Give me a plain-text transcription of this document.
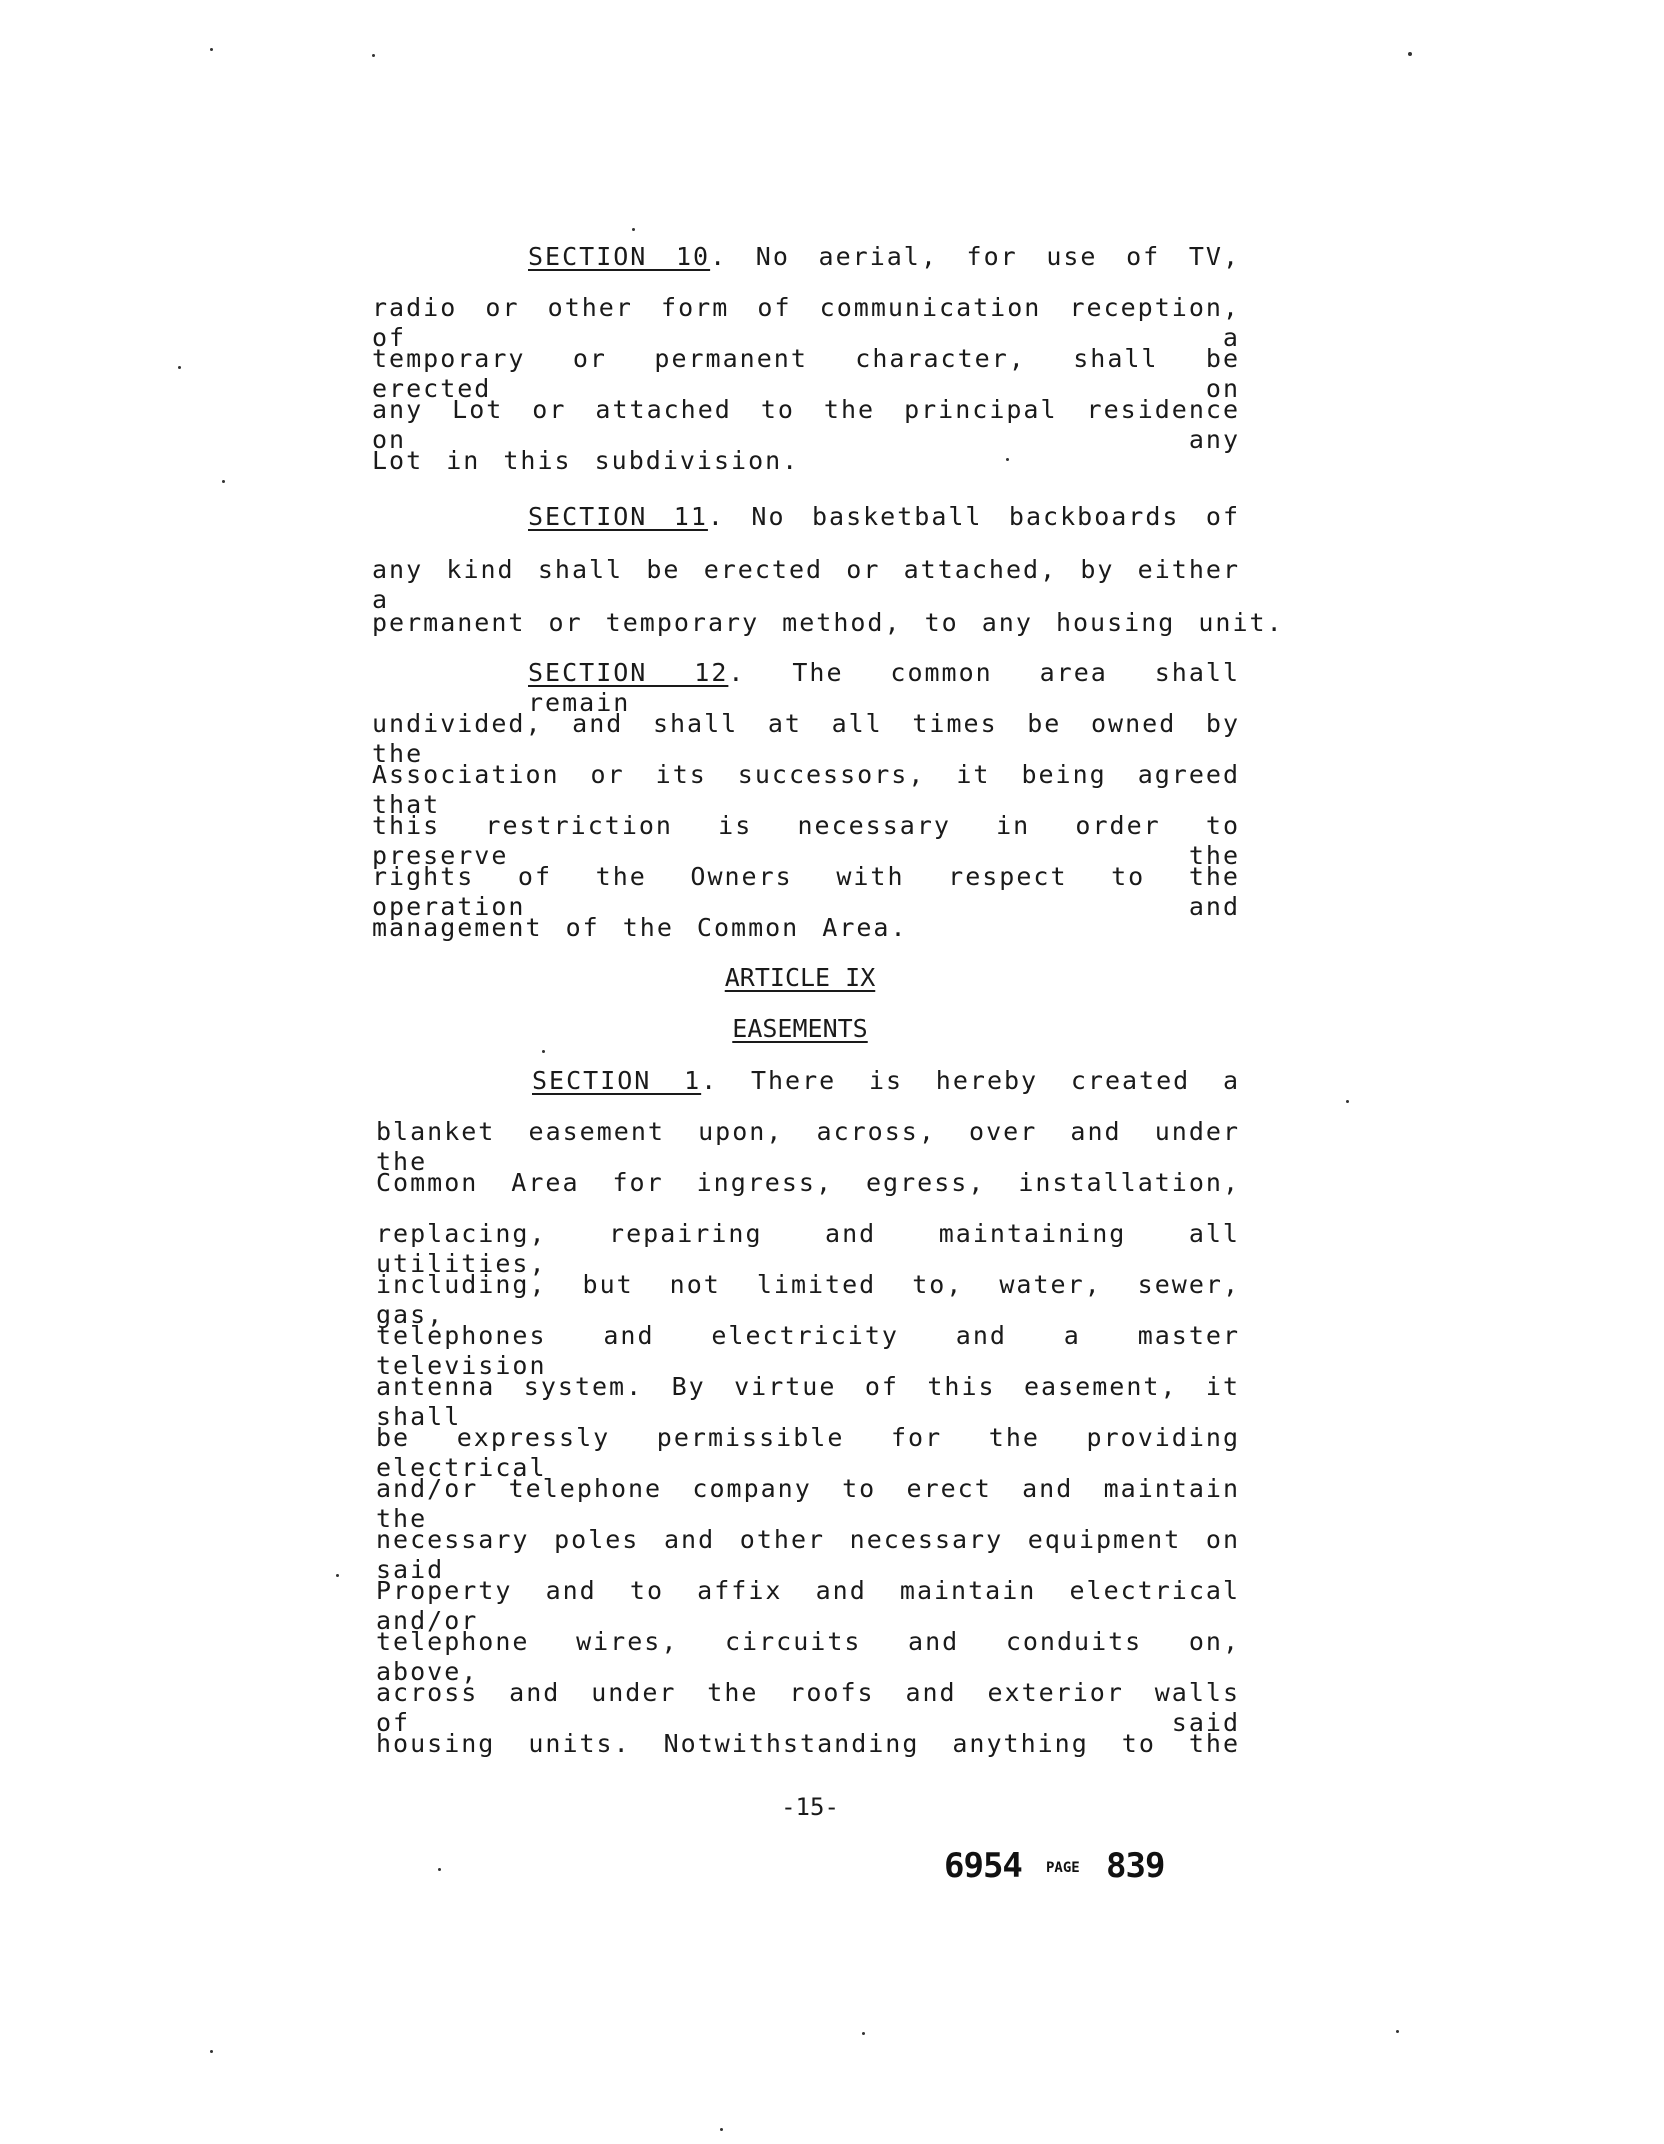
SECTION 10. No aerial, for use of TV,
radio or other form of communication reception, of a
temporary or permanent character, shall be erected on
any Lot or attached to the principal residence on any
Lot in this subdivision.
SECTION 11. No basketball backboards of
any kind shall be erected or attached, by either a
permanent or temporary method, to any housing unit.
SECTION 12. The common area shall remain
undivided, and shall at all times be owned by the
Association or its successors, it being agreed that
this restriction is necessary in order to preserve the
rights of the Owners with respect to the operation and
management of the Common Area.
ARTICLE IX
EASEMENTS
SECTION 1. There is hereby created a
blanket easement upon, across, over and under the
Common Area for ingress, egress, installation,
replacing, repairing and maintaining all utilities,
including, but not limited to, water, sewer, gas,
telephones and electricity and a master television
antenna system. By virtue of this easement, it shall
be expressly permissible for the providing electrical
and/or telephone company to erect and maintain the
necessary poles and other necessary equipment on said
Property and to affix and maintain electrical and/or
telephone wires, circuits and conduits on, above,
across and under the roofs and exterior walls of said
housing units. Notwithstanding anything to the
-15-
6954 PAGE 839
